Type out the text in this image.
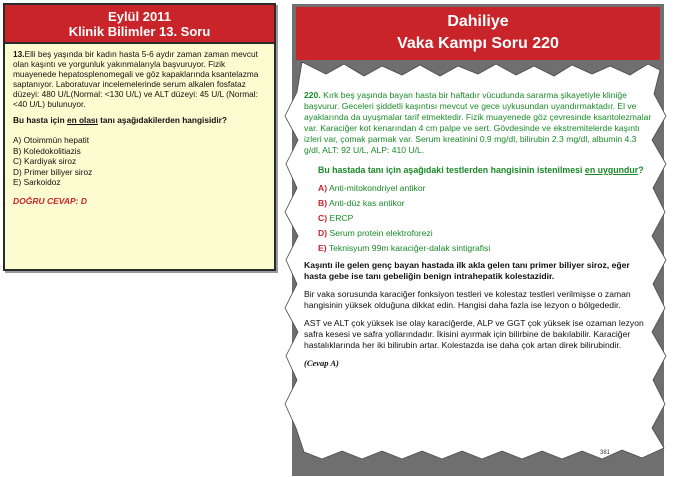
Eylül 2011
Klinik Bilimler 13. Soru
13.Elli beş yaşında bir kadın hasta 5-6 aydır zaman zaman mevcut olan kaşıntı ve yorgunluk yakınmalarıyla başvuruyor. Fizik muayenede hepatosplenomegali ve göz kapaklarında ksantelazma saptanıyor. Laboratuvar incelemelerinde serum alkalen fosfataz düzeyi: 480 U/L(Normal: <130 U/L) ve ALT düzeyi: 45 U/L (Normal:<40 U/L) bulunuyor.
Bu hasta için en olası tanı aşağıdakilerden hangisidir?
A) Otoimmün hepatit
B) Koledokolitiazis
C) Kardiyak siroz
D) Primer biliyer siroz
E) Sarkoidoz
DOĞRU CEVAP: D
Dahiliye
Vaka Kampı Soru 220
220. Kırk beş yaşında bayan hasta bir haftadır vücudunda sararma şikayetiyle kliniğe başvurur. Geceleri şiddetli kaşıntısı mevcut ve gece uykusundan uyandırmaktadır. El ve ayaklarında da uyuşmalar tarif etmektedir. Fizik muayenede göz çevresinde ksantolezmalar var. Karaciğer kot kenarından 4 cm palpe ve sert. Gövdesinde ve ekstremitelerde kaşıntı izleri var, çomak parmak var. Serum kreatinini 0.9 mg/dl, bilirubin 2.3 mg/dl, albumin 4.3 g/dl, ALT: 92 U/L, ALP: 410 U/L.
Bu hastada tanı için aşağıdaki testlerden hangisinin istenilmesi en uygundur?
A) Anti-mitokondriyel antikor
B) Anti-düz kas antikor
C) ERCP
D) Serum protein elektroforezi
E) Teknisyum 99m karaciğer-dalak sintigrafisi
Kaşıntı ile gelen genç bayan hastada ilk akla gelen tanı primer biliyer siroz, eğer hasta gebe ise tanı gebeliğin benign intrahepatik kolestazidir.
Bir vaka sorusunda karaciğer fonksiyon testleri ve kolestaz testleri verilmişse o zaman hangisinin yüksek olduğuna dikkat edin. Hangisi daha fazla ise lezyon o bölgededir.
AST ve ALT çok yüksek ise olay karaciğerde, ALP ve GGT çok yüksek ise ozaman lezyon safra kesesi ve safra yollarındadır. İkisini ayırmak için bilirbine de bakılabilir. Karaciğer hastalıklarında her iki bilirubin artar. Kolestazda ise daha çok artan direk bilirubindir.
(Cevap A)
381
